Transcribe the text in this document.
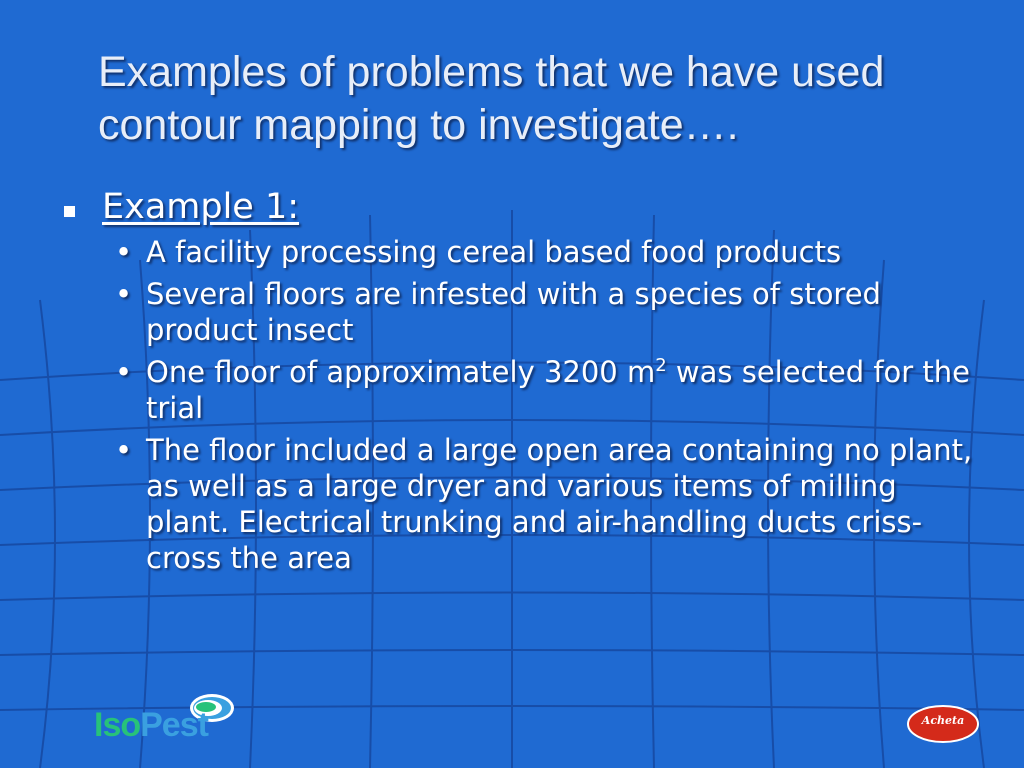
Examples of problems that we have used contour mapping to investigate….
Example 1:
• A facility processing cereal based food products
• Several floors are infested with a species of stored product insect
• One floor of approximately 3200 $m^2$ was selected for the trial
• The floor included a large open area containing no plant, as well as a large dryer and various items of milling plant. Electrical trunking and air-handling ducts criss-cross the area
IsoPest	Acheta
